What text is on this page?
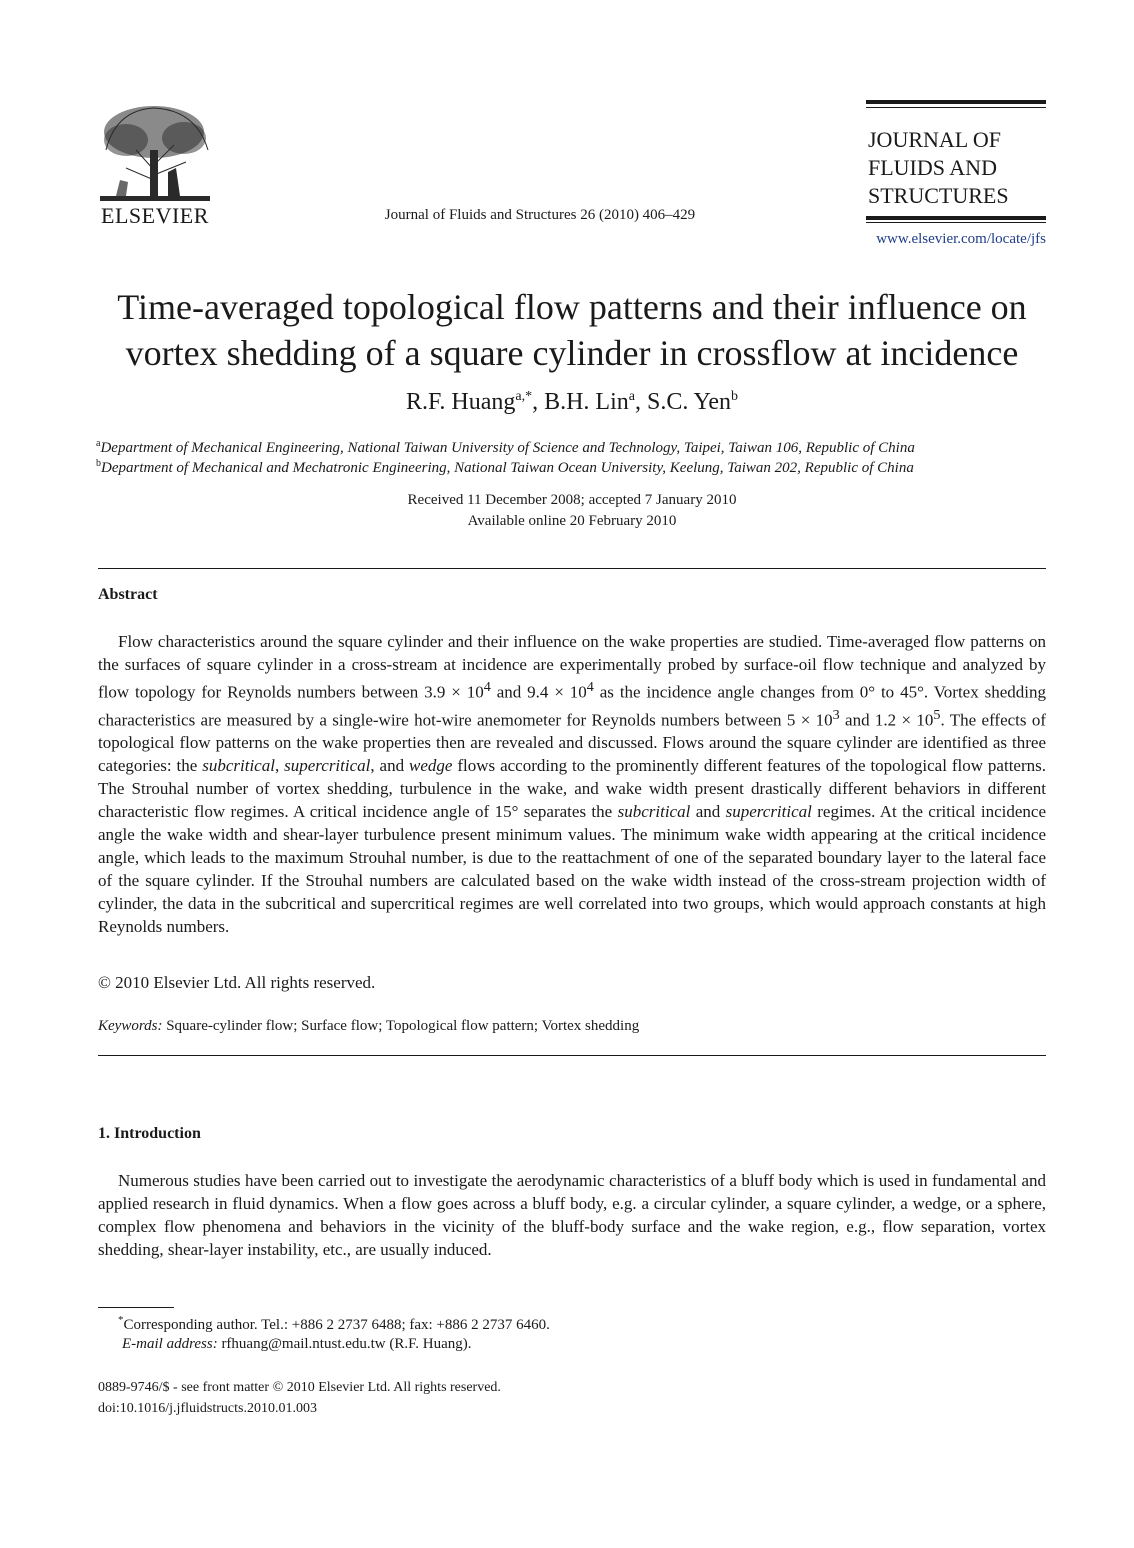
ELSEVIER	Journal of Fluids and Structures 26 (2010) 406–429
JOURNAL OF
FLUIDS AND
STRUCTURES
www.elsevier.com/locate/jfs
Time-averaged topological flow patterns and their influence on
vortex shedding of a square cylinder in crossflow at incidence
R.F. Huang$^{a,*}$, B.H. Lin$^a$, S.C. Yen$^b$
$^a$Department of Mechanical Engineering, National Taiwan University of Science and Technology, Taipei, Taiwan 106, Republic of China
$^b$Department of Mechanical and Mechatronic Engineering, National Taiwan Ocean University, Keelung, Taiwan 202, Republic of China
Received 11 December 2008; accepted 7 January 2010
Available online 20 February 2010
Abstract
Flow characteristics around the square cylinder and their influence on the wake properties are studied. Time-averaged flow patterns on the surfaces of square cylinder in a cross-stream at incidence are experimentally probed by surface-oil flow technique and analyzed by flow topology for Reynolds numbers between $3.9 \times 10^4$ and $9.4 \times 10^4$ as the incidence angle changes from 0° to 45°. Vortex shedding characteristics are measured by a single-wire hot-wire anemometer for Reynolds numbers between $5 \times 10^3$ and $1.2 \times 10^5$. The effects of topological flow patterns on the wake properties then are revealed and discussed. Flows around the square cylinder are identified as three categories: the subcritical, supercritical, and wedge flows according to the prominently different features of the topological flow patterns. The Strouhal number of vortex shedding, turbulence in the wake, and wake width present drastically different behaviors in different characteristic flow regimes. A critical incidence angle of 15° separates the subcritical and supercritical regimes. At the critical incidence angle the wake width and shear-layer turbulence present minimum values. The minimum wake width appearing at the critical incidence angle, which leads to the maximum Strouhal number, is due to the reattachment of one of the separated boundary layer to the lateral face of the square cylinder. If the Strouhal numbers are calculated based on the wake width instead of the cross-stream projection width of cylinder, the data in the subcritical and supercritical regimes are well correlated into two groups, which would approach constants at high Reynolds numbers.
© 2010 Elsevier Ltd. All rights reserved.
Keywords: Square-cylinder flow; Surface flow; Topological flow pattern; Vortex shedding
1. Introduction
Numerous studies have been carried out to investigate the aerodynamic characteristics of a bluff body which is used in fundamental and applied research in fluid dynamics. When a flow goes across a bluff body, e.g. a circular cylinder, a square cylinder, a wedge, or a sphere, complex flow phenomena and behaviors in the vicinity of the bluff-body surface and the wake region, e.g., flow separation, vortex shedding, shear-layer instability, etc., are usually induced.
*Corresponding author. Tel.: +886 2 2737 6488; fax: +886 2 2737 6460.
E-mail address: rfhuang@mail.ntust.edu.tw (R.F. Huang).
0889-9746/$ - see front matter © 2010 Elsevier Ltd. All rights reserved.
doi:10.1016/j.jfluidstructs.2010.01.003
